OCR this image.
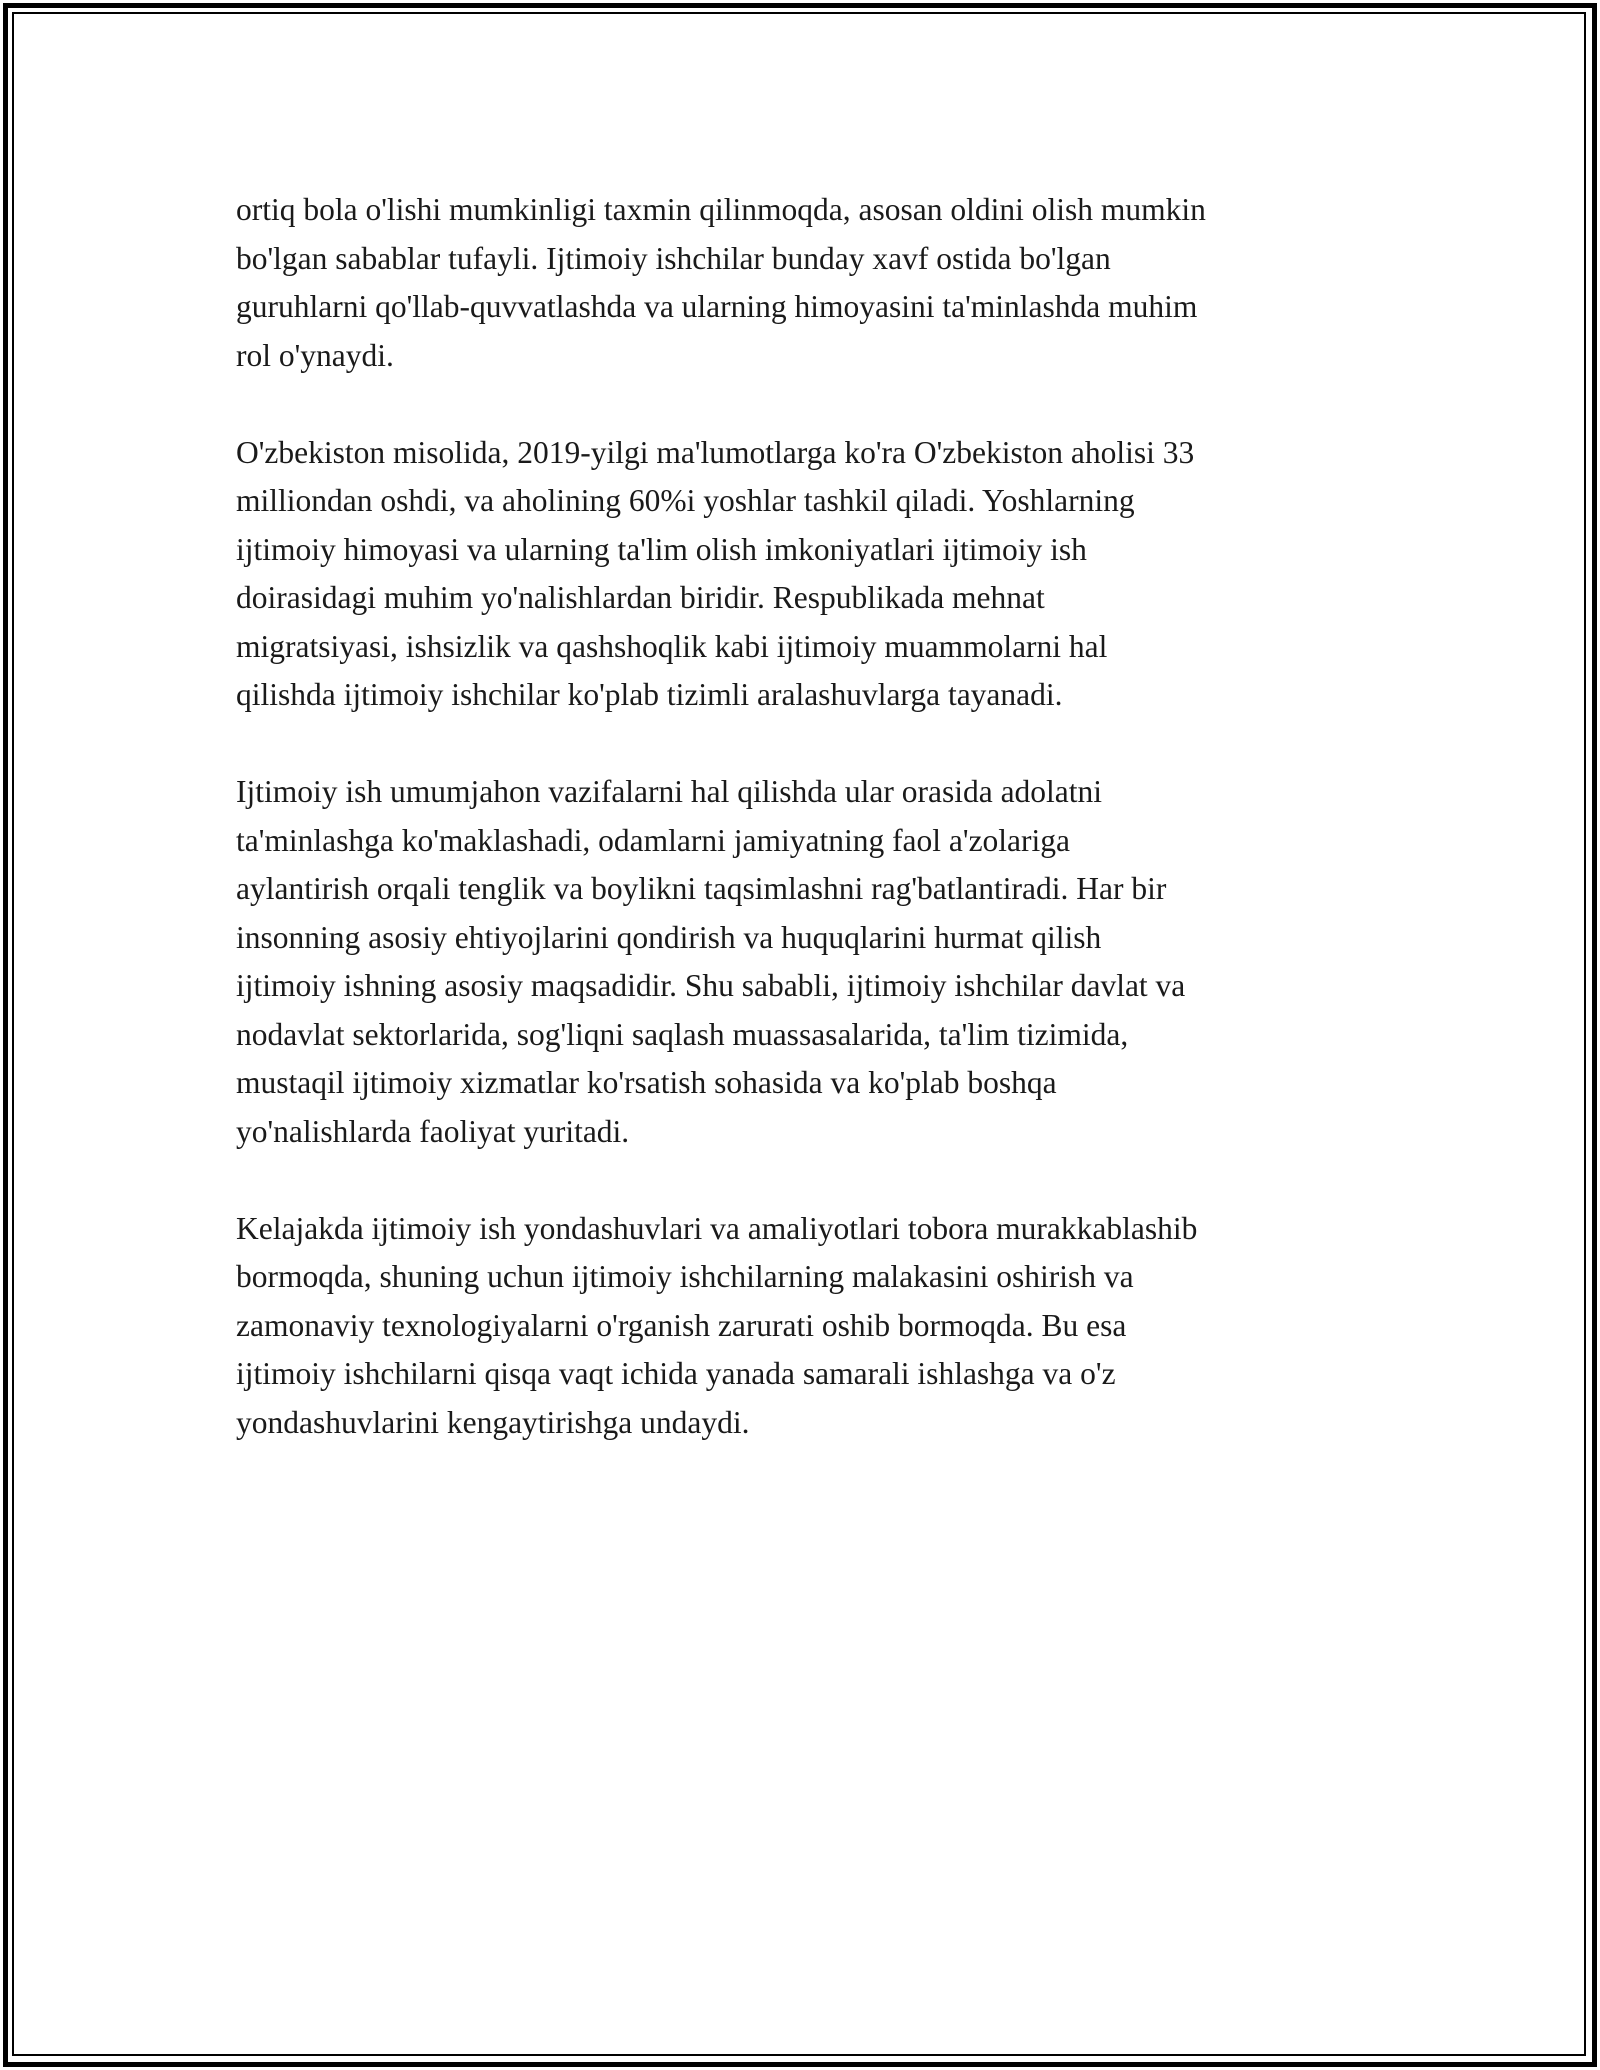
ortiq bola o'lishi mumkinligi taxmin qilinmoqda, asosan oldini olish mumkin
bo'lgan sabablar tufayli. Ijtimoiy ishchilar bunday xavf ostida bo'lgan
guruhlarni qo'llab-quvvatlashda va ularning himoyasini ta'minlashda muhim
rol o'ynaydi.

O'zbekiston misolida, 2019-yilgi ma'lumotlarga ko'ra O'zbekiston aholisi 33
milliondan oshdi, va aholining 60%i yoshlar tashkil qiladi. Yoshlarning
ijtimoiy himoyasi va ularning ta'lim olish imkoniyatlari ijtimoiy ish
doirasidagi muhim yo'nalishlardan biridir. Respublikada mehnat
migratsiyasi, ishsizlik va qashshoqlik kabi ijtimoiy muammolarni hal
qilishda ijtimoiy ishchilar ko'plab tizimli aralashuvlarga tayanadi.

Ijtimoiy ish umumjahon vazifalarni hal qilishda ular orasida adolatni
ta'minlashga ko'maklashadi, odamlarni jamiyatning faol a'zolariga
aylantirish orqali tenglik va boylikni taqsimlashni rag'batlantiradi. Har bir
insonning asosiy ehtiyojlarini qondirish va huquqlarini hurmat qilish
ijtimoiy ishning asosiy maqsadidir. Shu sababli, ijtimoiy ishchilar davlat va
nodavlat sektorlarida, sog'liqni saqlash muassasalarida, ta'lim tizimida,
mustaqil ijtimoiy xizmatlar ko'rsatish sohasida va ko'plab boshqa
yo'nalishlarda faoliyat yuritadi.

Kelajakda ijtimoiy ish yondashuvlari va amaliyotlari tobora murakkablashib
bormoqda, shuning uchun ijtimoiy ishchilarning malakasini oshirish va
zamonaviy texnologiyalarni o'rganish zarurati oshib bormoqda. Bu esa
ijtimoiy ishchilarni qisqa vaqt ichida yanada samarali ishlashga va o'z
yondashuvlarini kengaytirishga undaydi.
